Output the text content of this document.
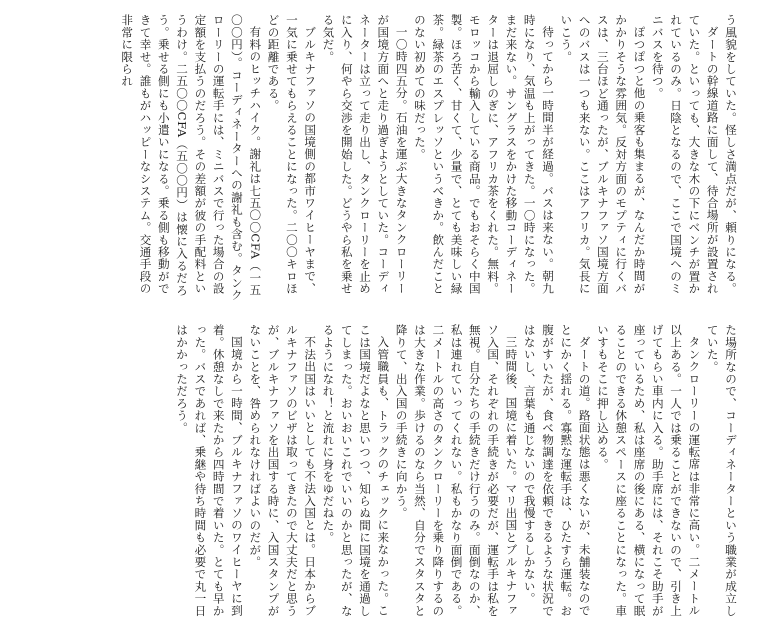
う風貌をしていた。怪しさ満点だが、頼りになる。

ダートの幹線道路に面して、待合場所が設置されていた。といっても、大きな木の下にベンチが置かれているのみ。日陰となるので、ここで国境へのミニバスを待つ。

ぽつぽつと他の乗客も集まるが、なんだか時間がかかりそうな雰囲気。反対方面のモプティに行くバスは、三台ほど通ったが、ブルキナファソ国境方面へのバスは一つも来ない。ここはアフリカ。気長にいこう。

待ってから一時間半が経過。バスは来ない。朝九時になり、気温も上がってきた。一〇時になった。まだ来ない。サングラスをかけた移動コーディネーターは退屈しのぎに、アフリカ茶をくれた。無料。モロッコから輸入している商品。でもおそらく中国製。ほろ苦く、甘くて、少量で、とても美味しい緑茶。緑茶のエスプレッソというべきか。飲んだことのない初めての味だった。

一〇時四五分。石油を運ぶ大きなタンクローリーが国境方面へと走り過ぎようとしていた。コーディネーターは立って走り出し、タンクローリーを止めに入り、何やら交渉を開始した。どうやら私を乗せる気だ。

ブルキナファソの国境側の都市ワイヒーヤまで、一気に乗せてもらえることになった。二〇〇キロほどの距離である。

有料のヒッチハイク。謝礼は七五〇〇CFA（一五〇〇円）。コーディネーターへの謝礼も含む。タンクローリーの運転手には、ミニバスで行った場合の設定額を支払うのだろう。その差額が彼の手配料というわけ。二五〇〇CFA（五〇〇円）は懐に入るだろう。乗せる側にも小遣いになる。乗る側も移動ができて幸せ。誰もがハッピーなシステム。交通手段の非常に限られ

た場所なので、コーディネーターという職業が成立していた。

タンクローリーの運転席は非常に高い。二メートル以上ある。一人では乗ることができないので、引き上げてもらい車内に入る。助手席には、それこそ助手が座っているため、私は座席の後にある、横になって眠ることのできる休憩スペースに座ることになった。車いすもそこに押し込める。

ダートの道。路面状態は悪くないが、未舗装なのでとにかく揺れる。寡黙な運転手は、ひたすら運転。お腹がすいたが、食べ物調達を依頼できるような状況ではないし、言葉も通じないので我慢するしかない。

三時間後、国境に着いた。マリ出国とブルキナファソ入国、それぞれの手続きが必要だが、運転手は私を無視。自分たちの手続きだけ行うのみ。面倒なのか、私は連れていってくれない。私もかなり面倒である。二メートルの高さのタンクローリーを乗り降りするのは大きな作業。歩けるのなら当然、自分でスタスタと降りて、出入国の手続きに向かう。

入管職員も、トラックのチェックに来なかった。ここは国境だよなと思いつつ、知らぬ間に国境を通過してしまった。おいおいこれでいいのかと思ったが、なるようになれ！と流れに身をゆだねた。

不法出国はいいとしても不法入国とは。日本からブルキナファソのビザは取ってきたので大丈夫だと思うが、ブルキナファソを出国する時に、入国スタンプがないことを、咎められなければよいのだが。

国境から一時間、ブルキナファソのワイヒーヤに到着。休憩なしで来たから四時間で着いた。とても早かった。バスであれば、乗継や待ち時間も必要で丸一日はかかっただろう。
